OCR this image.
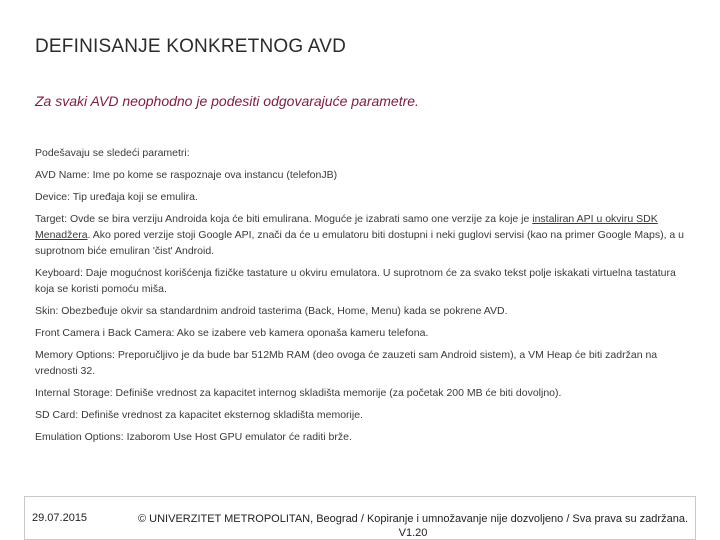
DEFINISANJE KONKRETNOG AVD
Za svaki AVD neophodno je podesiti odgovarajuće parametre.

Podešavaju se sledeći parametri:

AVD Name: Ime po kome se raspoznaje ova instancu (telefonJB)

Device: Tip uređaja koji se emulira.

Target: Ovde se bira verziju Androida koja će biti emulirana. Moguće je izabrati samo one verzije za koje je instaliran API u okviru SDK Menadžera. Ako pored verzije stoji Google API, znači da će u emulatoru biti dostupni i neki guglovi servisi (kao na primer Google Maps), a u suprotnom biće emuliran 'čist' Android.

Keyboard: Daje mogućnost korišćenja fizičke tastature u okviru emulatora. U suprotnom će za svako tekst polje iskakati virtuelna tastatura koja se koristi pomoću miša.

Skin: Obezbeđuje okvir sa standardnim android tasterima (Back, Home, Menu) kada se pokrene AVD.

Front Camera i Back Camera: Ako se izabere veb kamera oponaša kameru telefona.

Memory Options: Preporučljivo je da bude bar 512Mb RAM (deo ovoga će zauzeti sam Android sistem), a VM Heap će biti zadržan na vrednosti 32.

Internal Storage: Definiše vrednost za kapacitet internog skladišta memorije (za početak 200 MB će biti dovoljno).

SD Card: Definiše vrednost za kapacitet eksternog skladišta memorije.

Emulation Options: Izaborom Use Host GPU emulator će raditi brže.

29.07.2015	© UNIVERZITET METROPOLITAN, Beograd / Kopiranje i umnožavanje nije dozvoljeno / Sva prava su zadržana. V1.20
